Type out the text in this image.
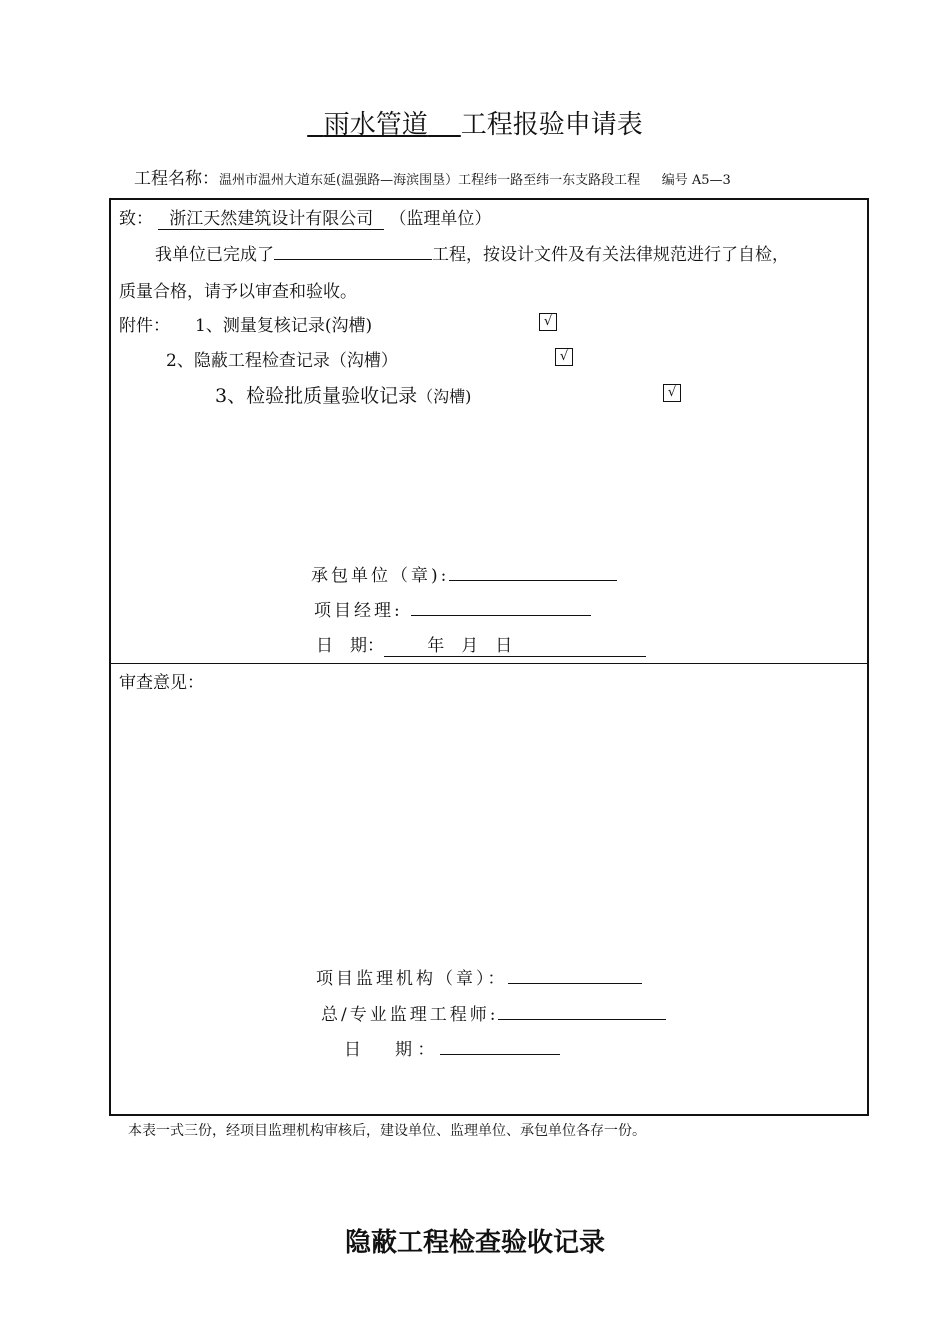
雨水管道 工程报验申请表
工程名称：温州市温州大道东延(温强路—海滨围垦）工程纬一路至纬一东支路段工程 编号 A5—3
致： 浙江天然建筑设计有限公司 （监理单位）
我单位已完成了	工程，按设计文件及有关法律规范进行了自检，
质量合格，请予以审查和验收。
附件： 1、测量复核记录(沟槽)	√
2、隐蔽工程检查记录（沟槽）	√
3、检验批质量验收记录（沟槽)	√
承包单位（章):
项目经理:
日　期：	年　月　日
审查意见：
项目监理机构（章）：
总/专业监理工程师:
日　　期 ：
本表一式三份，经项目监理机构审核后，建设单位、监理单位、承包单位各存一份。
隐蔽工程检查验收记录
